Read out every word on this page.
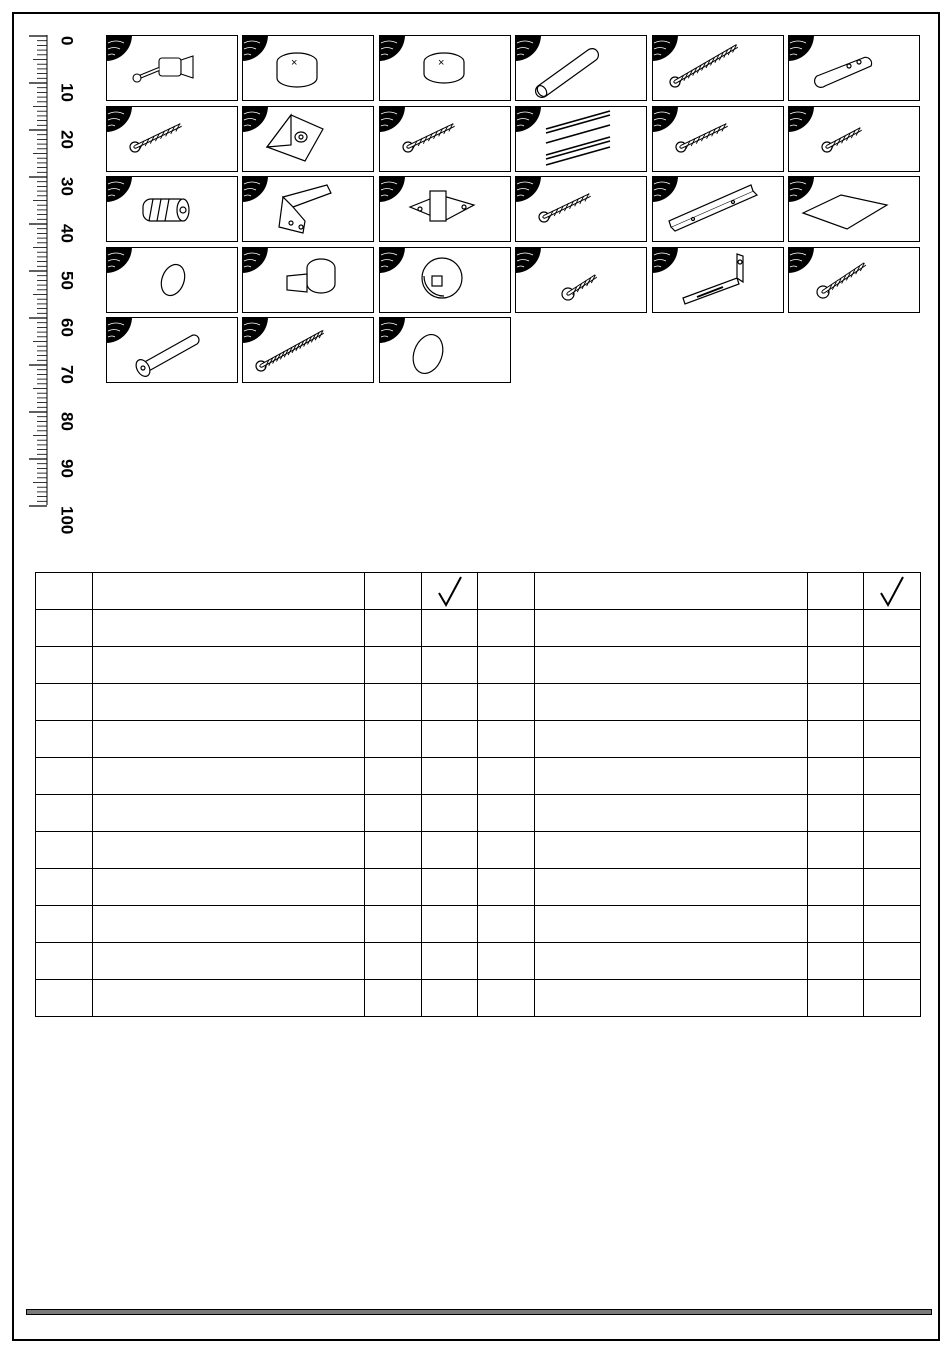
0
10
20
30
40
50
60
70
80
90
100
×	×
